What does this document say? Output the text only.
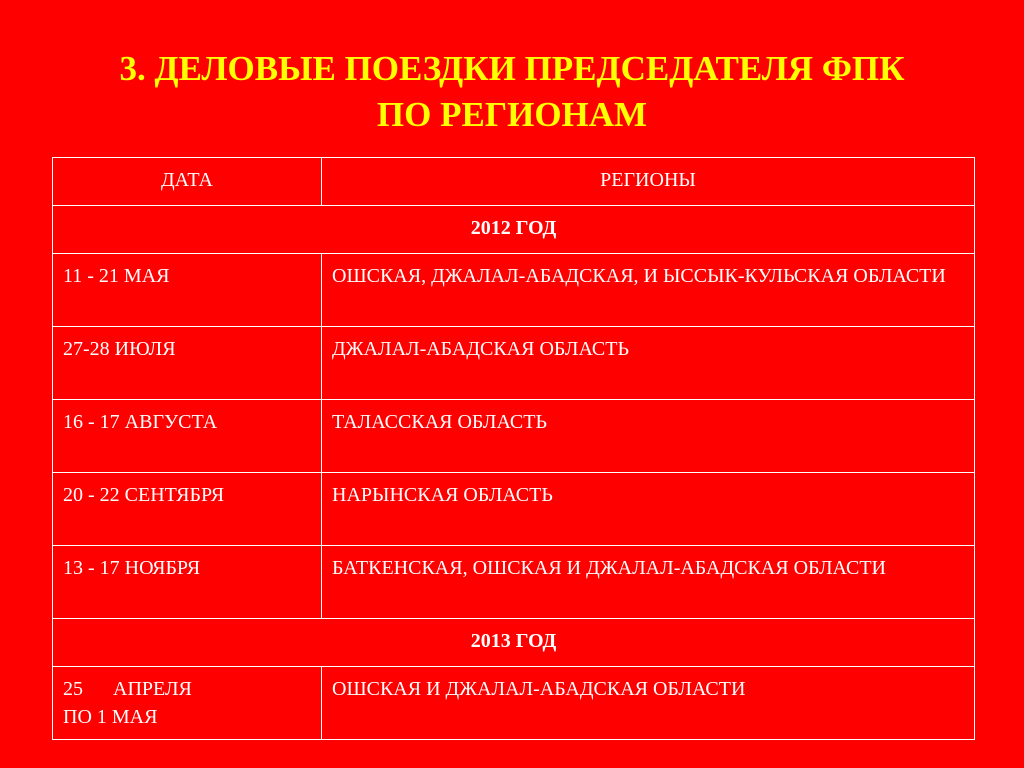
3. ДЕЛОВЫЕ ПОЕЗДКИ ПРЕДСЕДАТЕЛЯ ФПК
ПО РЕГИОНАМ
ДАТА	РЕГИОНЫ
2012 ГОД	
11 - 21 МАЯ	ОШСКАЯ, ДЖАЛАЛ-АБАДСКАЯ, И ЫССЫК-КУЛЬСКАЯ ОБЛАСТИ
27-28 ИЮЛЯ	ДЖАЛАЛ-АБАДСКАЯ ОБЛАСТЬ
16 - 17 АВГУСТА	ТАЛАССКАЯ ОБЛАСТЬ
20 - 22 СЕНТЯБРЯ	НАРЫНСКАЯ ОБЛАСТЬ
13 - 17 НОЯБРЯ	БАТКЕНСКАЯ, ОШСКАЯ И ДЖАЛАЛ-АБАДСКАЯ ОБЛАСТИ
2013 ГОД	
25 АПРЕЛЯ
ПО 1 МАЯ	ОШСКАЯ И ДЖАЛАЛ-АБАДСКАЯ ОБЛАСТИ
